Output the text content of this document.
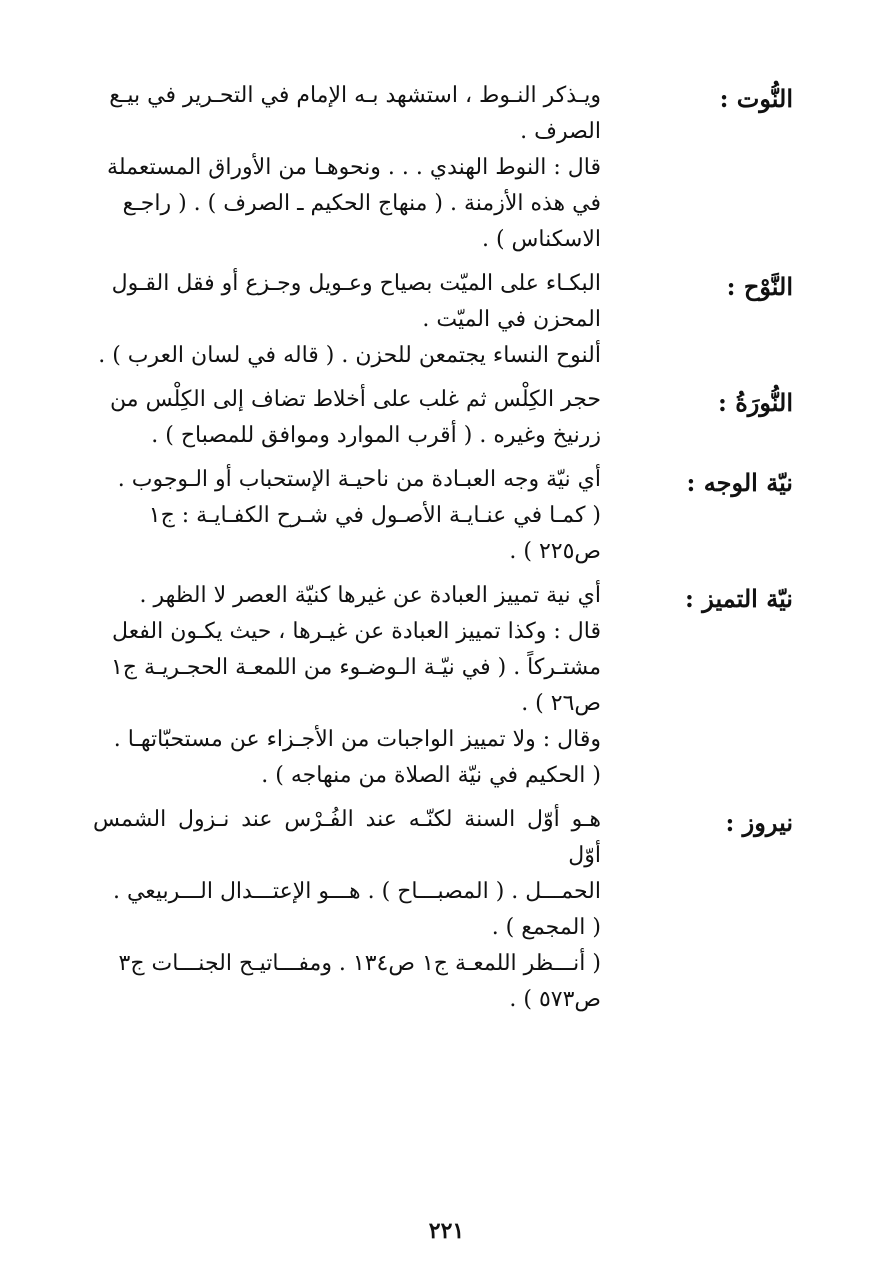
النُّوت :
ويـذكر النـوط ، استشهد بـه الإمام في التحـرير في بيـع
الصرف .
قال : النوط الهندي . . . ونحوهـا من الأوراق المستعملة
في هذه الأزمنة . ( منهاج الحكيم ـ الصرف ) . ( راجـع
الاسكناس ) .
النَّوْح :
البكـاء على الميّت بصياح وعـويل وجـزع أو فقل القـول
المحزن في الميّت .
ألنوح النساء يجتمعن للحزن . ( قاله في لسان العرب ) .
النُّورَةُ :
حجر الكِلْس ثم غلب على أخلاط تضاف إلى الكِلْس من
زرنيخ وغيره . ( أقرب الموارد وموافق للمصباح ) .
نيّة الوجه :
أي نيّة وجه العبـادة من ناحيـة الإستحباب أو الـوجوب .
( كمـا في عنـايـة الأصـول في شـرح الكفـايـة : ج١
ص٢٢٥ ) .
نيّة التميز :
أي نية تمييز العبادة عن غيرها كنيّة العصر لا الظهر .
قال : وكذا تمييز العبادة عن غيـرها ، حيث يكـون الفعل
مشتـركاً . ( في نيّـة الـوضـوء من اللمعـة الحجـريـة ج١
ص٢٦ ) .
وقال : ولا تمييز الواجبات من الأجـزاء عن مستحبّاتهـا .
( الحكيم في نيّة الصلاة من منهاجه ) .
نيروز :
هـو أوّل السنة لكنّـه عند الفُـرْس عند نـزول الشمس أوّل
الحمـــل . ( المصبـــاح ) . هـــو الإعتـــدال الـــربيعي .
( المجمع ) .
( أنـــظر اللمعـة ج١ ص١٣٤ . ومفـــاتيـح الجنـــات ج٣
ص٥٧٣ ) .
٢٢١
